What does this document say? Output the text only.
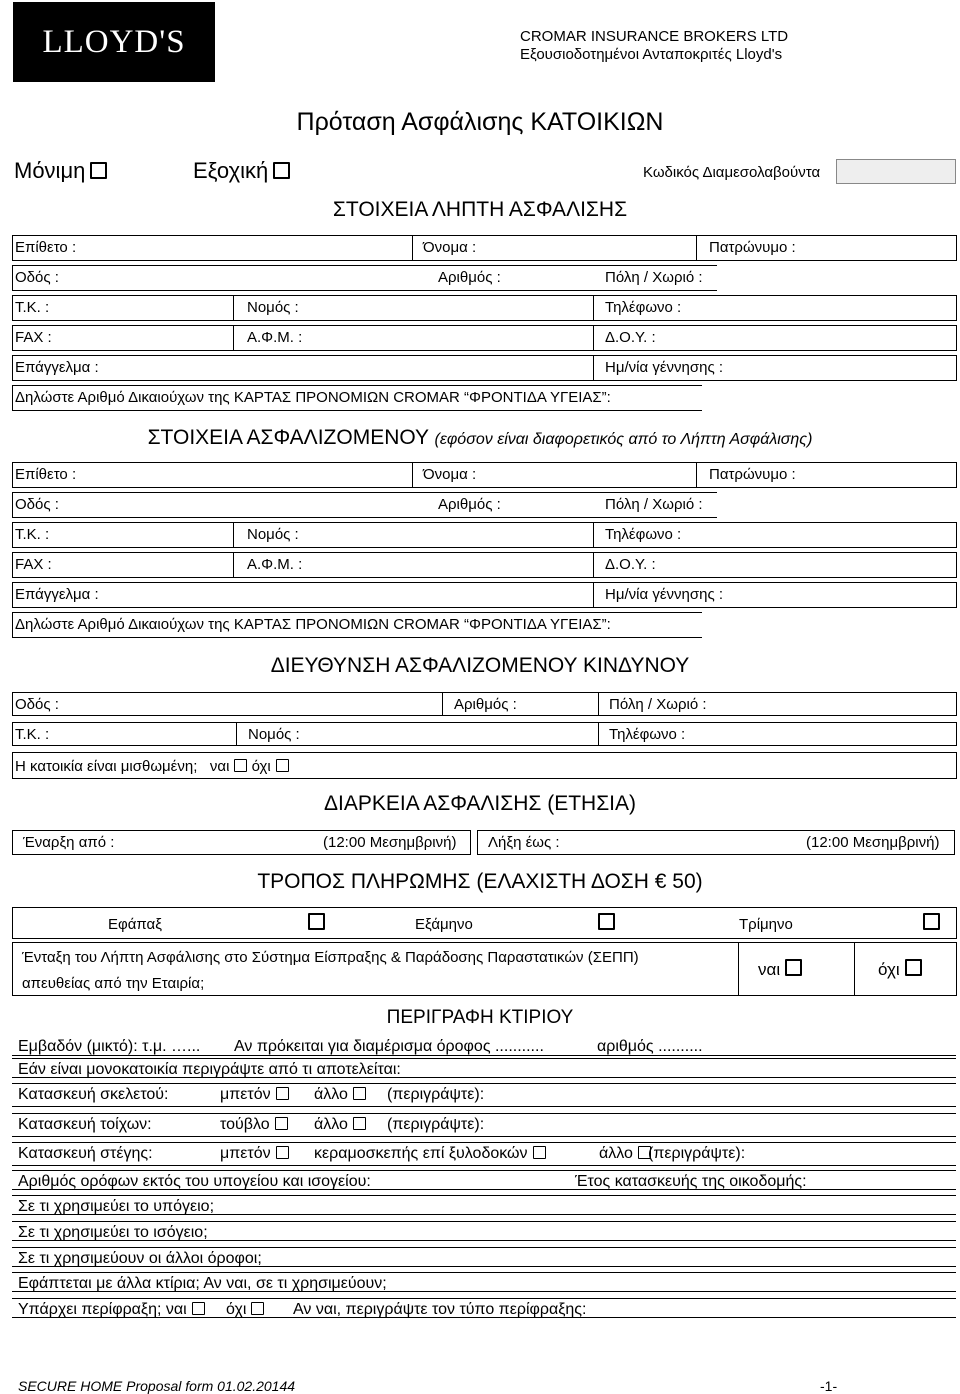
LLOYD'S	CROMAR INSURANCE BROKERS LTD
Εξουσιοδοτημένοι Ανταποκριτές Lloyd's
Πρόταση Ασφάλισης ΚΑΤΟΙΚΙΩΝ
Μόνιμη	Εξοχική	Κωδικός Διαμεσολαβούντα
ΣΤΟΙΧΕΙΑ ΛΗΠΤΗ ΑΣΦΑΛΙΣΗΣ
Επίθετο :	Όνομα :	Πατρώνυμο :
Οδός :	Αριθμός :	Πόλη / Χωριό :
Τ.Κ. :	Νομός :	Τηλέφωνο :
FAX :	Α.Φ.Μ. :	Δ.Ο.Υ. :
Επάγγελμα :	Ημ/νία γέννησης :
Δηλώστε Αριθμό Δικαιούχων της ΚΑΡΤΑΣ ΠΡΟΝΟΜΙΩΝ CROMAR “ΦΡΟΝΤΙΔΑ ΥΓΕΙΑΣ”:
ΣΤΟΙΧΕΙΑ ΑΣΦΑΛΙΖΟΜΕΝΟΥ (εφόσον είναι διαφορετικός από το Λήπτη Ασφάλισης)
Επίθετο :	Όνομα :	Πατρώνυμο :
Οδός :	Αριθμός :	Πόλη / Χωριό :
Τ.Κ. :	Νομός :	Τηλέφωνο :
FAX :	Α.Φ.Μ. :	Δ.Ο.Υ. :
Επάγγελμα :	Ημ/νία γέννησης :
Δηλώστε Αριθμό Δικαιούχων της ΚΑΡΤΑΣ ΠΡΟΝΟΜΙΩΝ CROMAR “ΦΡΟΝΤΙΔΑ ΥΓΕΙΑΣ”:
ΔΙΕΥΘΥΝΣΗ ΑΣΦΑΛΙΖΟΜΕΝΟΥ ΚΙΝΔΥΝΟΥ
Οδός :	Αριθμός :	Πόλη / Χωριό :
Τ.Κ. :	Νομός :	Τηλέφωνο :
Η κατοικία είναι μισθωμένη; ναι όχι
ΔΙΑΡΚΕΙΑ ΑΣΦΑΛΙΣΗΣ (ΕΤΗΣΙΑ)
Έναρξη από :	(12:00 Μεσημβρινή) Λήξη έως :	(12:00 Μεσημβρινή)
ΤΡΟΠΟΣ ΠΛΗΡΩΜΗΣ (ΕΛΑΧΙΣΤΗ ΔΟΣΗ € 50)
Εφάπαξ	Εξάμηνο	Τρίμηνο
Ένταξη του Λήπτη Ασφάλισης στο Σύστημα Είσπραξης & Παράδοσης Παραστατικών (ΣΕΠΠ)
απευθείας από την Εταιρία;
ναι	όχι
ΠΕΡΙΓΡΑΦΗ ΚΤΙΡΙΟΥ
Εμβαδόν (μικτό): τ.μ. …... Αν πρόκειται για διαμέρισμα όροφος ...........	αριθμός ..........
Εάν είναι μονοκατοικία περιγράψτε από τι αποτελείται:
Κατασκευή σκελετού:	μπετόν	άλλο	(περιγράψτε):
Κατασκευή τοίχων:	τούβλο	άλλο	(περιγράψτε):
Κατασκευή στέγης:	μπετόν	κεραμοσκεπής επί ξυλοδοκών	άλλο (περιγράψτε):
Αριθμός ορόφων εκτός του υπογείου και ισογείου:	Έτος κατασκευής της οικοδομής:
Σε τι χρησιμεύει το υπόγειο;
Σε τι χρησιμεύει το ισόγειο;
Σε τι χρησιμεύουν οι άλλοι όροφοι;
Εφάπτεται με άλλα κτίρια; Αν ναι, σε τι χρησιμεύουν;
Υπάρχει περίφραξη; ναι	όχι	Αν ναι, περιγράψτε τον τύπο περίφραξης:
SECURE HOME Proposal form 01.02.20144	-1-
